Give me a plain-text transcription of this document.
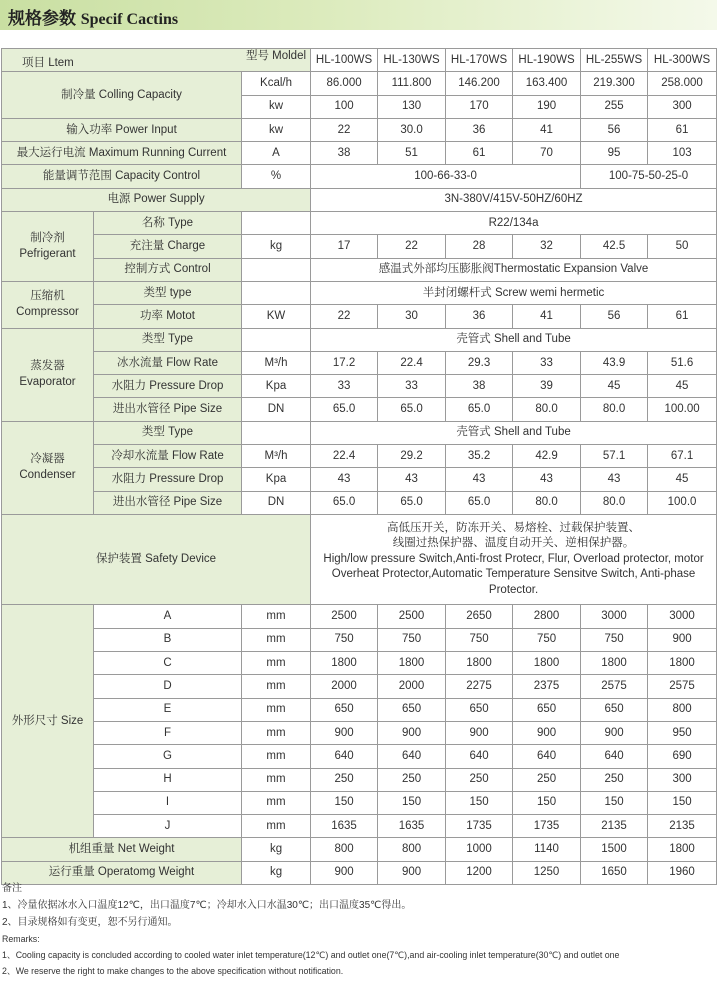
规格参数 Specif Cactins
型号 Moldel
项目 Ltem			HL-100WS	HL-130WS	HL-170WS	HL-190WS	HL-255WS	HL-300WS
制冷量 Colling Capacity		Kcal/h	86.000	111.800	146.200	163.400	219.300	258.000
		kw	100	130	170	190	255	300
输入功率 Power Input		kw	22	30.0	36	41	56	61
最大运行电流 Maximum Running Current		A	38	51	61	70	95	103
能量调节范围 Capacity Control		%	100-66-33-0				100-75-50-25-0	
电源 Power Supply			3N-380V/415V-50HZ/60HZ					
制冷剂
Pefrigerant	名称 Type		R22/134a					
	充注量 Charge	kg	17	22	28	32	42.5	50
	控制方式 Control		感温式外部均压膨胀阀Thermostatic Expansion Valve					
压缩机
Compressor	类型 type		半封闭螺杆式 Screw wemi hermetic					
	功率 Motot	KW	22	30	36	41	56	61
蒸发器
Evaporator	类型 Type		壳管式 Shell and Tube					
	冰水流量 Flow Rate	M³/h	17.2	22.4	29.3	33	43.9	51.6
	水阻力 Pressure Drop	Kpa	33	33	38	39	45	45
	进出水管径 Pipe Size	DN	65.0	65.0	65.0	80.0	80.0	100.00
冷凝器
Condenser	类型 Type		壳管式 Shell and Tube					
	冷却水流量 Flow Rate	M³/h	22.4	29.2	35.2	42.9	57.1	67.1
	水阻力 Pressure Drop	Kpa	43	43	43	43	43	45
	进出水管径 Pipe Size	DN	65.0	65.0	65.0	80.0	80.0	100.0
保护装置 Safety Device			高低压开关，防冻开关、易熔栓、过载保护装置、
线圈过热保护器、温度自动开关、逆相保护器。
High/low pressure Switch,Anti-frost Protecr, Flur, Overload protector, motor
Overheat Protector,Automatic Temperature Sensitve Switch, Anti-phase Protector.					

外形尺寸 Size	A	mm	2500	2500	2650	2800	3000	3000
	B	mm	750	750	750	750	750	900
	C	mm	1800	1800	1800	1800	1800	1800
	D	mm	2000	2000	2275	2375	2575	2575
	E	mm	650	650	650	650	650	800
	F	mm	900	900	900	900	900	950
	G	mm	640	640	640	640	640	690
	H	mm	250	250	250	250	250	300
	I	mm	150	150	150	150	150	150
	J	mm	1635	1635	1735	1735	2135	2135
机组重量 Net Weight		kg	800	800	1000	1140	1500	1800
运行重量 Operatomg Weight		kg	900	900	1200	1250	1650	1960
备注
1、冷量依据冰水入口温度12℃，出口温度7℃；冷却水入口水温30℃；出口温度35℃得出。
2、目录规格如有变更，恕不另行通知。
Remarks:
1、Cooling capacity is concluded according to cooled water inlet temperature(12℃) and outlet one(7℃),and air-cooling inlet temperature(30℃) and outlet one
2、We reserve the right to make changes to the above specification without notification.
